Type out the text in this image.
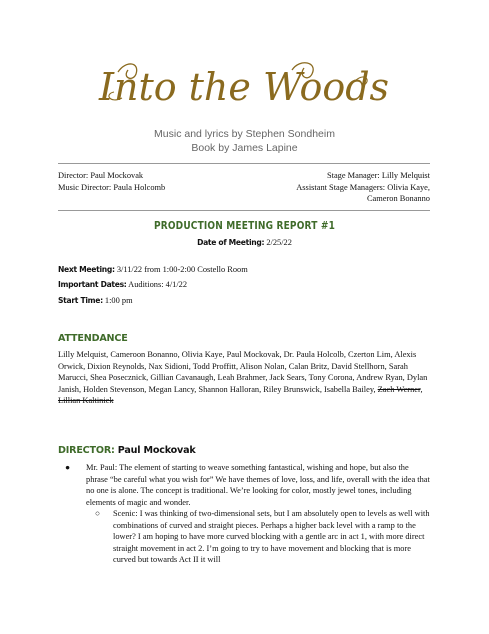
Into the Woods
Music and lyrics by Stephen Sondheim
Book by James Lapine
Director: Paul Mockovak
Music Director: Paula Holcomb
Stage Manager: Lilly Melquist
Assistant Stage Managers: Olivia Kaye,
Cameron Bonanno
PRODUCTION MEETING REPORT #1
Date of Meeting: 2/25/22
Next Meeting: 3/11/22 from 1:00-2:00 Costello Room
Important Dates: Auditions: 4/1/22
Start Time: 1:00 pm
ATTENDANCE
Lilly Melquist, Cameroon Bonanno, Olivia Kaye, Paul Mockovak, Dr. Paula Holcolb, Czerton Lim, Alexis Orwick, Dixion Reynolds, Nax Sidioni, Todd Proffitt, Alison Nolan, Calan Britz, David Stellhorn, Sarah Marucci, Shea Posecznick, Gillian Cavanaugh, Leah Brahmer, Jack Sears, Tony Corona, Andrew Ryan, Dylan Janish, Holden Stevenson, Megan Lancy, Shannon Halloran, Riley Brunswick, Isabella Bailey, Zach Werner, Lillian Kaltinick
DIRECTOR: Paul Mockovak
● Mr. Paul: The element of starting to weave something fantastical, wishing and hope, but also the phrase “be careful what you wish for” We have themes of love, loss, and life, overall with the idea that no one is alone. The concept is traditional. We’re looking for color, mostly jewel tones, including elements of magic and wonder.
○ Scenic: I was thinking of two-dimensional sets, but I am absolutely open to levels as well with combinations of curved and straight pieces. Perhaps a higher back level with a ramp to the lower? I am hoping to have more curved blocking with a gentle arc in act 1, with more direct straight movement in act 2. I’m going to try to have movement and blocking that is more curved but towards Act II it will
